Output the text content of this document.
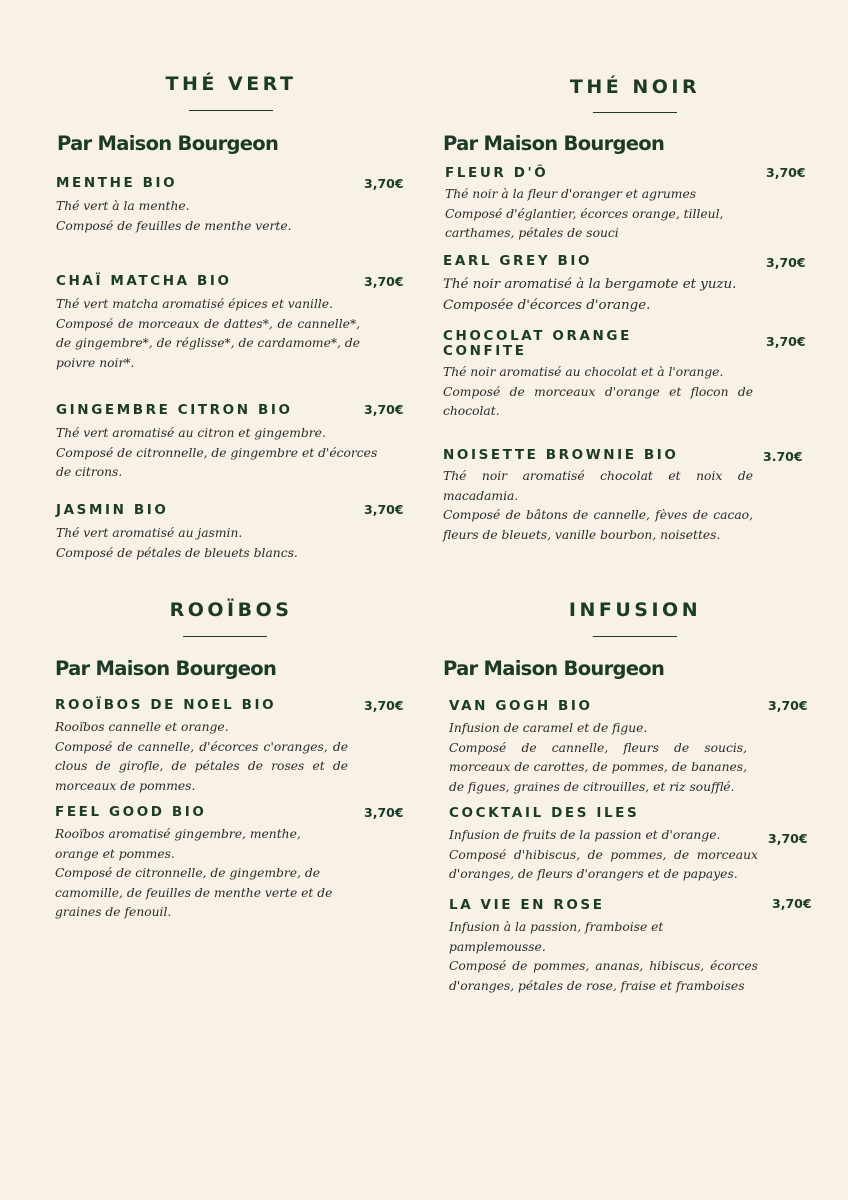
THÉ VERT
Par Maison Bourgeon
MENTHE BIO
Thé vert à la menthe.
Composé de feuilles de menthe verte.
3,70€
CHAÏ MATCHA BIO
Thé vert matcha aromatisé épices et vanille.
Composé de morceaux de dattes*, de cannelle*, de gingembre*, de réglisse*, de cardamome*, de poivre noir*.
3,70€
GINGEMBRE CITRON BIO
Thé vert aromatisé au citron et gingembre.
Composé de citronnelle, de gingembre et d'écorces de citrons.
3,70€
JASMIN BIO
Thé vert aromatisé au jasmin.
Composé de pétales de bleuets blancs.
3,70€
THÉ NOIR
Par Maison Bourgeon
FLEUR D'Ô
Thé noir à la fleur d'oranger et agrumes
Composé d'églantier, écorces orange, tilleul, carthames, pétales de souci
3,70€
EARL GREY BIO
Thé noir aromatisé à la bergamote et yuzu.
Composée d'écorces d'orange.
3,70€
CHOCOLAT ORANGE
CONFITE
Thé noir aromatisé au chocolat et à l'orange.
Composé de morceaux d'orange et flocon de chocolat.
3,70€
NOISETTE BROWNIE BIO
Thé noir aromatisé chocolat et noix de macadamia.
Composé de bâtons de cannelle, fèves de cacao, fleurs de bleuets, vanille bourbon, noisettes.
3.70€
ROOÏBOS
Par Maison Bourgeon
ROOÏBOS DE NOEL BIO
Rooïbos cannelle et orange.
Composé de cannelle, d'écorces c'oranges, de clous de girofle, de pétales de roses et de morceaux de pommes.
3,70€
FEEL GOOD BIO
Rooïbos aromatisé gingembre, menthe, orange et pommes.
Composé de citronnelle, de gingembre, de camomille, de feuilles de menthe verte et de graines de fenouil.
3,70€
INFUSION
Par Maison Bourgeon
VAN GOGH BIO
Infusion de caramel et de figue.
Composé de cannelle, fleurs de soucis, morceaux de carottes, de pommes, de bananes, de figues, graines de citrouilles, et riz soufflé.
3,70€
COCKTAIL DES ILES
Infusion de fruits de la passion et d'orange.
Composé d'hibiscus, de pommes, de morceaux d'oranges, de fleurs d'orangers et de papayes.
3,70€
LA VIE EN ROSE
Infusion à la passion, framboise et pamplemousse.
Composé de pommes, ananas, hibiscus, écorces d'oranges, pétales de rose, fraise et framboises
3,70€
